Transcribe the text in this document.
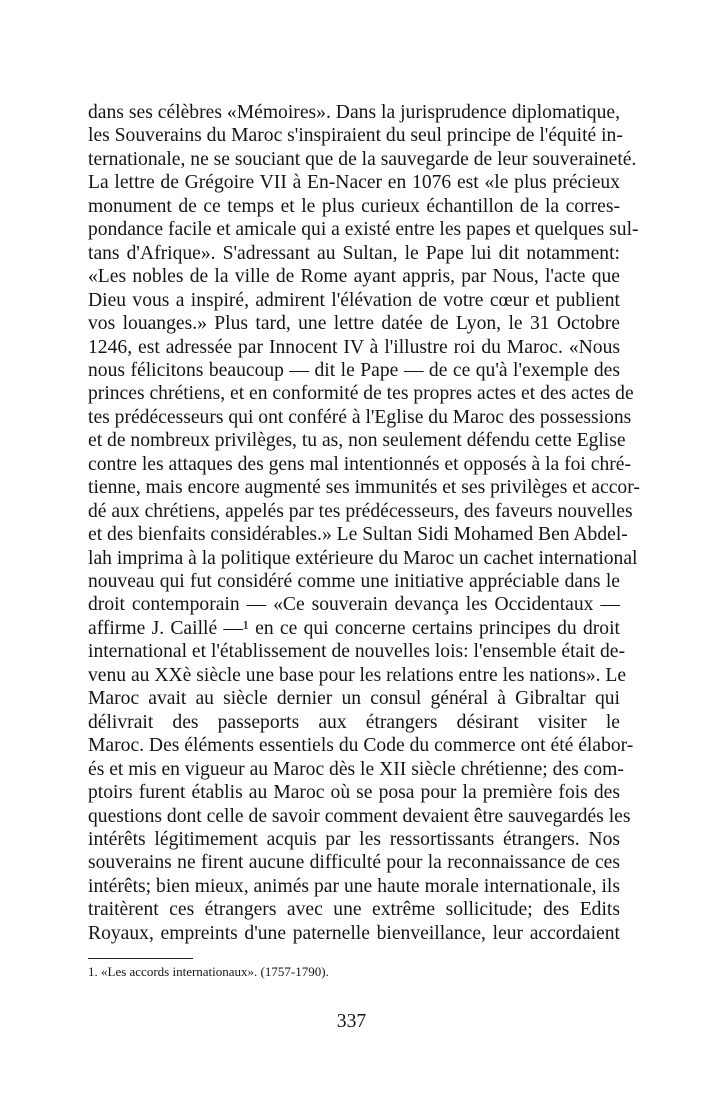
dans ses célèbres «Mémoires». Dans la jurisprudence diplomatique,
les Souverains du Maroc s'inspiraient du seul principe de l'équité in-
ternationale, ne se souciant que de la sauvegarde de leur souveraineté.
La lettre de Grégoire VII à En-Nacer en 1076 est «le plus précieux
monument de ce temps et le plus curieux échantillon de la corres-
pondance facile et amicale qui a existé entre les papes et quelques sul-
tans d'Afrique». S'adressant au Sultan, le Pape lui dit notamment:
«Les nobles de la ville de Rome ayant appris, par Nous, l'acte que
Dieu vous a inspiré, admirent l'élévation de votre cœur et publient
vos louanges.» Plus tard, une lettre datée de Lyon, le 31 Octobre
1246, est adressée par Innocent IV à l'illustre roi du Maroc. «Nous
nous félicitons beaucoup — dit le Pape — de ce qu'à l'exemple des
princes chrétiens, et en conformité de tes propres actes et des actes de
tes prédécesseurs qui ont conféré à l'Eglise du Maroc des possessions
et de nombreux privilèges, tu as, non seulement défendu cette Eglise
contre les attaques des gens mal intentionnés et opposés à la foi chré-
tienne, mais encore augmenté ses immunités et ses privilèges et accor-
dé aux chrétiens, appelés par tes prédécesseurs, des faveurs nouvelles
et des bienfaits considérables.» Le Sultan Sidi Mohamed Ben Abdel-
lah imprima à la politique extérieure du Maroc un cachet international
nouveau qui fut considéré comme une initiative appréciable dans le
droit contemporain — «Ce souverain devança les Occidentaux —
affirme J. Caillé —¹ en ce qui concerne certains principes du droit
international et l'établissement de nouvelles lois: l'ensemble était de-
venu au XXè siècle une base pour les relations entre les nations». Le
Maroc avait au siècle dernier un consul général à Gibraltar qui
délivrait des passeports aux étrangers désirant visiter le
Maroc. Des éléments essentiels du Code du commerce ont été élabor-
és et mis en vigueur au Maroc dès le XII siècle chrétienne; des com-
ptoirs furent établis au Maroc où se posa pour la première fois des
questions dont celle de savoir comment devaient être sauvegardés les
intérêts légitimement acquis par les ressortissants étrangers. Nos
souverains ne firent aucune difficulté pour la reconnaissance de ces
intérêts; bien mieux, animés par une haute morale internationale, ils
traitèrent ces étrangers avec une extrême sollicitude; des Edits
Royaux, empreints d'une paternelle bienveillance, leur accordaient
1. «Les accords internationaux». (1757-1790).
337
